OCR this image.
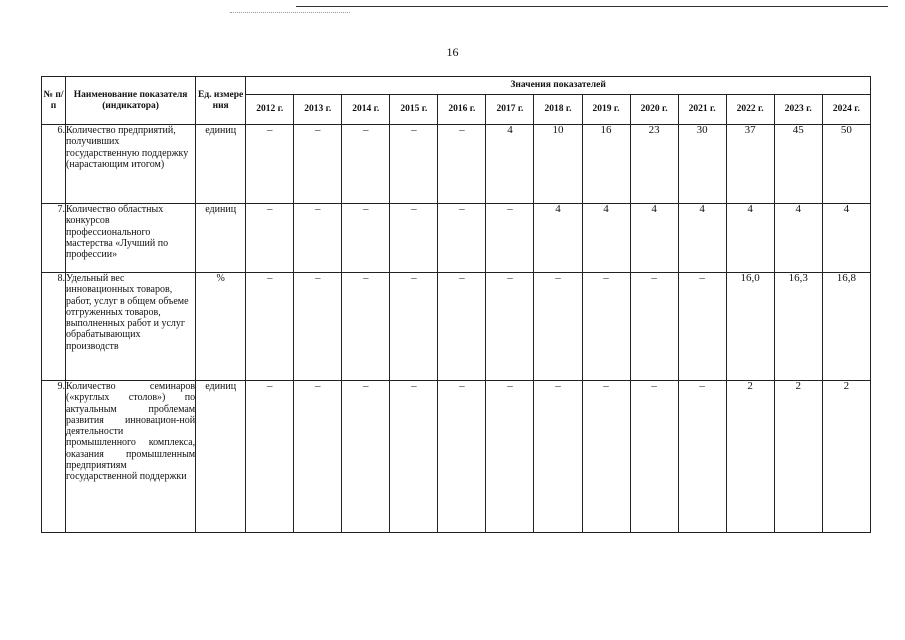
16
№ п/п	Наименование показателя (индикатора)	Ед. измере ния	Значения показателей												
			2012 г.	2013 г.	2014 г.	2015 г.	2016 г.	2017 г.	2018 г.	2019 г.	2020 г.	2021 г.	2022 г.	2023 г.	2024 г.
6.	Количество предприятий, получивших государственную поддержку (нарастающим итогом)	единиц	–	–	–	–	–	4	10	16	23	30	37	45	50
7.	Количество областных конкурсов профессионального мастерства «Лучший по профессии»	единиц	–	–	–	–	–	–	4	4	4	4	4	4	4
8.	Удельный вес инновационных товаров, работ, услуг в общем объеме отгруженных товаров, выполненных работ и услуг обрабатывающих производств	%	–	–	–	–	–	–	–	–	–	–	16,0	16,3	16,8
9.	Количество семинаров («круглых столов») по актуальным проблемам развития инновацион-ной деятельности промышленного комплекса, оказания промышленным предприятиям государственной поддержки	единиц	–	–	–	–	–	–	–	–	–	–	2	2	2
